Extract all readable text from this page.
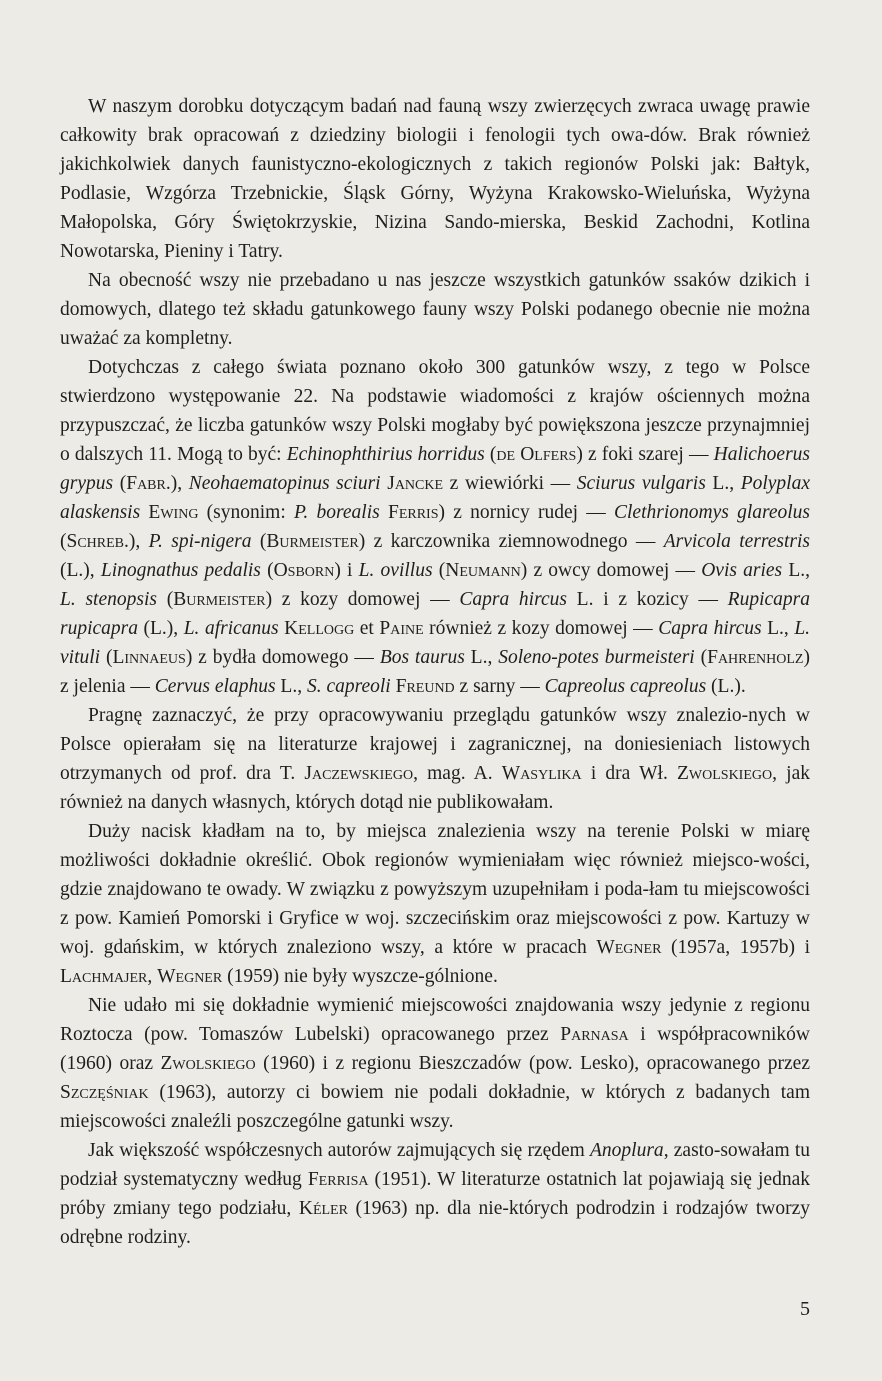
W naszym dorobku dotyczącym badań nad fauną wszy zwierzęcych zwraca uwagę prawie całkowity brak opracowań z dziedziny biologii i fenologii tych owa-dów. Brak również jakichkolwiek danych faunistyczno-ekologicznych z takich regionów Polski jak: Bałtyk, Podlasie, Wzgórza Trzebnickie, Śląsk Górny, Wyżyna Krakowsko-Wieluńska, Wyżyna Małopolska, Góry Świętokrzyskie, Nizina Sando-mierska, Beskid Zachodni, Kotlina Nowotarska, Pieniny i Tatry.

Na obecność wszy nie przebadano u nas jeszcze wszystkich gatunków ssaków dzikich i domowych, dlatego też składu gatunkowego fauny wszy Polski podanego obecnie nie można uważać za kompletny.

Dotychczas z całego świata poznano około 300 gatunków wszy, z tego w Polsce stwierdzono występowanie 22. Na podstawie wiadomości z krajów ościennych można przypuszczać, że liczba gatunków wszy Polski mogłaby być powiększona jeszcze przynajmniej o dalszych 11. Mogą to być: Echinophthirius horridus (de Olfers) z foki szarej — Halichoerus grypus (Fabr.), Neohaematopinus sciuri Jancke z wiewiórki — Sciurus vulgaris L., Polyplax alaskensis Ewing (synonim: P. borealis Ferris) z nornicy rudej — Clethrionomys glareolus (Schreb.), P. spi-nigera (Burmeister) z karczownika ziemnowodnego — Arvicola terrestris (L.), Linognathus pedalis (Osborn) i L. ovillus (Neumann) z owcy domowej — Ovis aries L., L. stenopsis (Burmeister) z kozy domowej — Capra hircus L. i z kozicy — Rupicapra rupicapra (L.), L. africanus Kellogg et Paine również z kozy domowej — Capra hircus L., L. vituli (Linnaeus) z bydła domowego — Bos taurus L., Soleno-potes burmeisteri (Fahrenholz) z jelenia — Cervus elaphus L., S. capreoli Freund z sarny — Capreolus capreolus (L.).

Pragnę zaznaczyć, że przy opracowywaniu przeglądu gatunków wszy znalezio-nych w Polsce opierałam się na literaturze krajowej i zagranicznej, na doniesieniach listowych otrzymanych od prof. dra T. Jaczewskiego, mag. A. Wasylika i dra Wł. Zwolskiego, jak również na danych własnych, których dotąd nie publikowałam.

Duży nacisk kładłam na to, by miejsca znalezienia wszy na terenie Polski w miarę możliwości dokładnie określić. Obok regionów wymieniałam więc również miejsco-wości, gdzie znajdowano te owady. W związku z powyższym uzupełniłam i poda-łam tu miejscowości z pow. Kamień Pomorski i Gryfice w woj. szczecińskim oraz miejscowości z pow. Kartuzy w woj. gdańskim, w których znaleziono wszy, a które w pracach Wegner (1957a, 1957b) i Lachmajer, Wegner (1959) nie były wyszcze-gólnione.

Nie udało mi się dokładnie wymienić miejscowości znajdowania wszy jedynie z regionu Roztocza (pow. Tomaszów Lubelski) opracowanego przez Parnasa i współpracowników (1960) oraz Zwolskiego (1960) i z regionu Bieszczadów (pow. Lesko), opracowanego przez Szczęśniak (1963), autorzy ci bowiem nie podali dokładnie, w których z badanych tam miejscowości znaleźli poszczególne gatunki wszy.

Jak większość współczesnych autorów zajmujących się rzędem Anoplura, zasto-sowałam tu podział systematyczny według Ferrisa (1951). W literaturze ostatnich lat pojawiają się jednak próby zmiany tego podziału, Kéler (1963) np. dla nie-których podrodzin i rodzajów tworzy odrębne rodziny.

5
